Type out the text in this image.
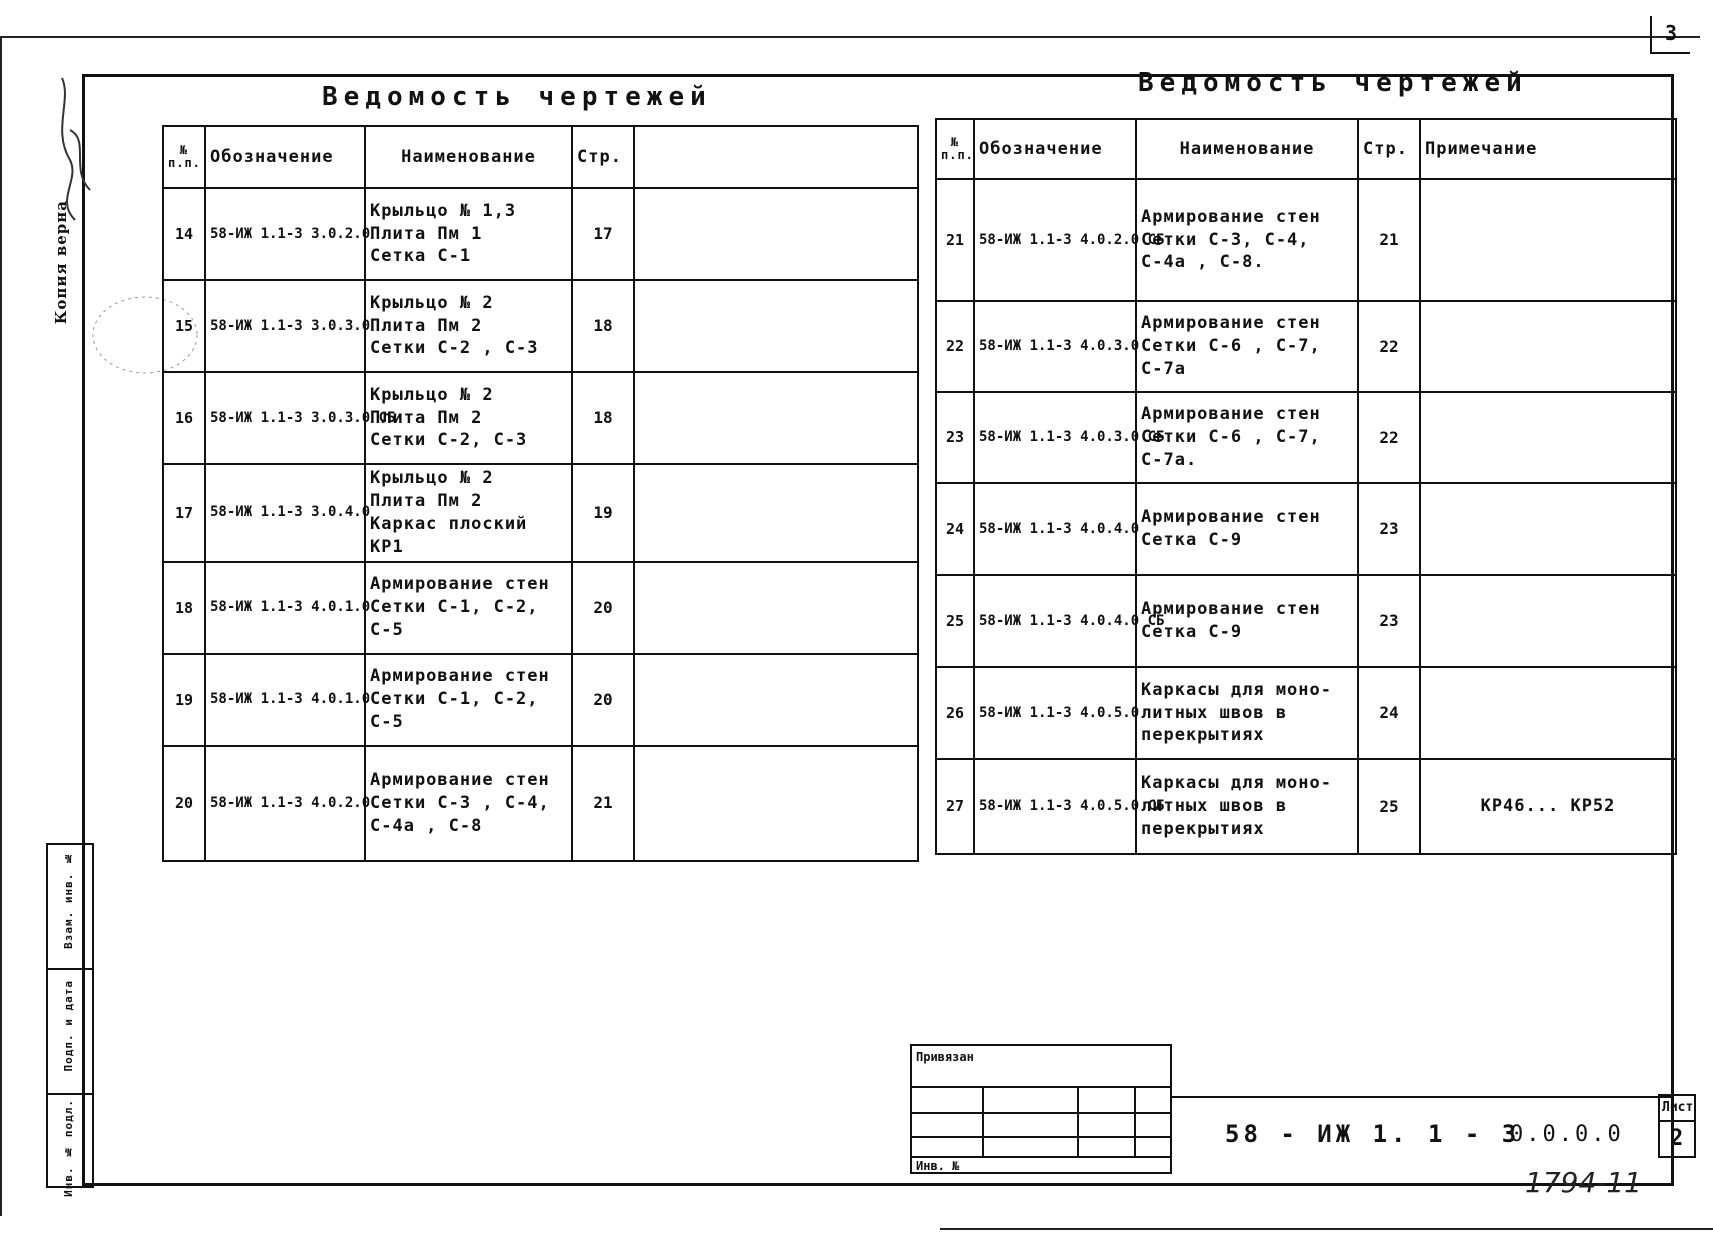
3
Копия верна
Ведомость чертежей
№ п.п.	Обозначение	Наименование	Стр.	
14	58-ИЖ 1.1-3 3.0.2.0	Крыльцо № 1,3
Плита Пм 1
Сетка С-1	17	
15	58-ИЖ 1.1-3 3.0.3.0	Крыльцо № 2
Плита Пм 2
Сетки С-2 , С-3	18	
16	58-ИЖ 1.1-3 3.0.3.0 СБ	Крыльцо № 2
Плита Пм 2
Сетки С-2, С-3	18	
17	58-ИЖ 1.1-3 3.0.4.0	Крыльцо № 2
Плита Пм 2
Каркас плоский КР1	19	
18	58-ИЖ 1.1-3 4.0.1.0	Армирование стен
Сетки С-1, С-2, С-5	20	
19	58-ИЖ 1.1-3 4.0.1.0	Армирование стен
Сетки С-1, С-2, С-5	20	
20	58-ИЖ 1.1-3 4.0.2.0	Армирование стен
Сетки С-3 , С-4,
С-4а , С-8	21	
Ведомость чертежей
№ п.п.	Обозначение	Наименование	Стр.	Примечание
21	58-ИЖ 1.1-3 4.0.2.0 СБ	Армирование стен
Сетки С-3, С-4,
С-4а , С-8.	21	
22	58-ИЖ 1.1-3 4.0.3.0	Армирование стен
Сетки С-6 , С-7,
С-7а	22	
23	58-ИЖ 1.1-3 4.0.3.0 СБ	Армирование стен
Сетки С-6 , С-7,
С-7а.	22	
24	58-ИЖ 1.1-3 4.0.4.0	Армирование стен
Сетка С-9	23	
25	58-ИЖ 1.1-3 4.0.4.0 СБ	Армирование стен
Сетка С-9	23	
26	58-ИЖ 1.1-3 4.0.5.0	Каркасы для моно-
литных швов в
перекрытиях	24	
27	58-ИЖ 1.1-3 4.0.5.0 СБ	Каркасы для моно-
литных швов в
перекрытиях	25	КР46... КР52
Взам. инв. №
Подп. и дата
Инв. № подл.
Привязан
Инв. №
58 - ИЖ 1. 1 - 3
0.0.0.0
Лист
2
1794-11
